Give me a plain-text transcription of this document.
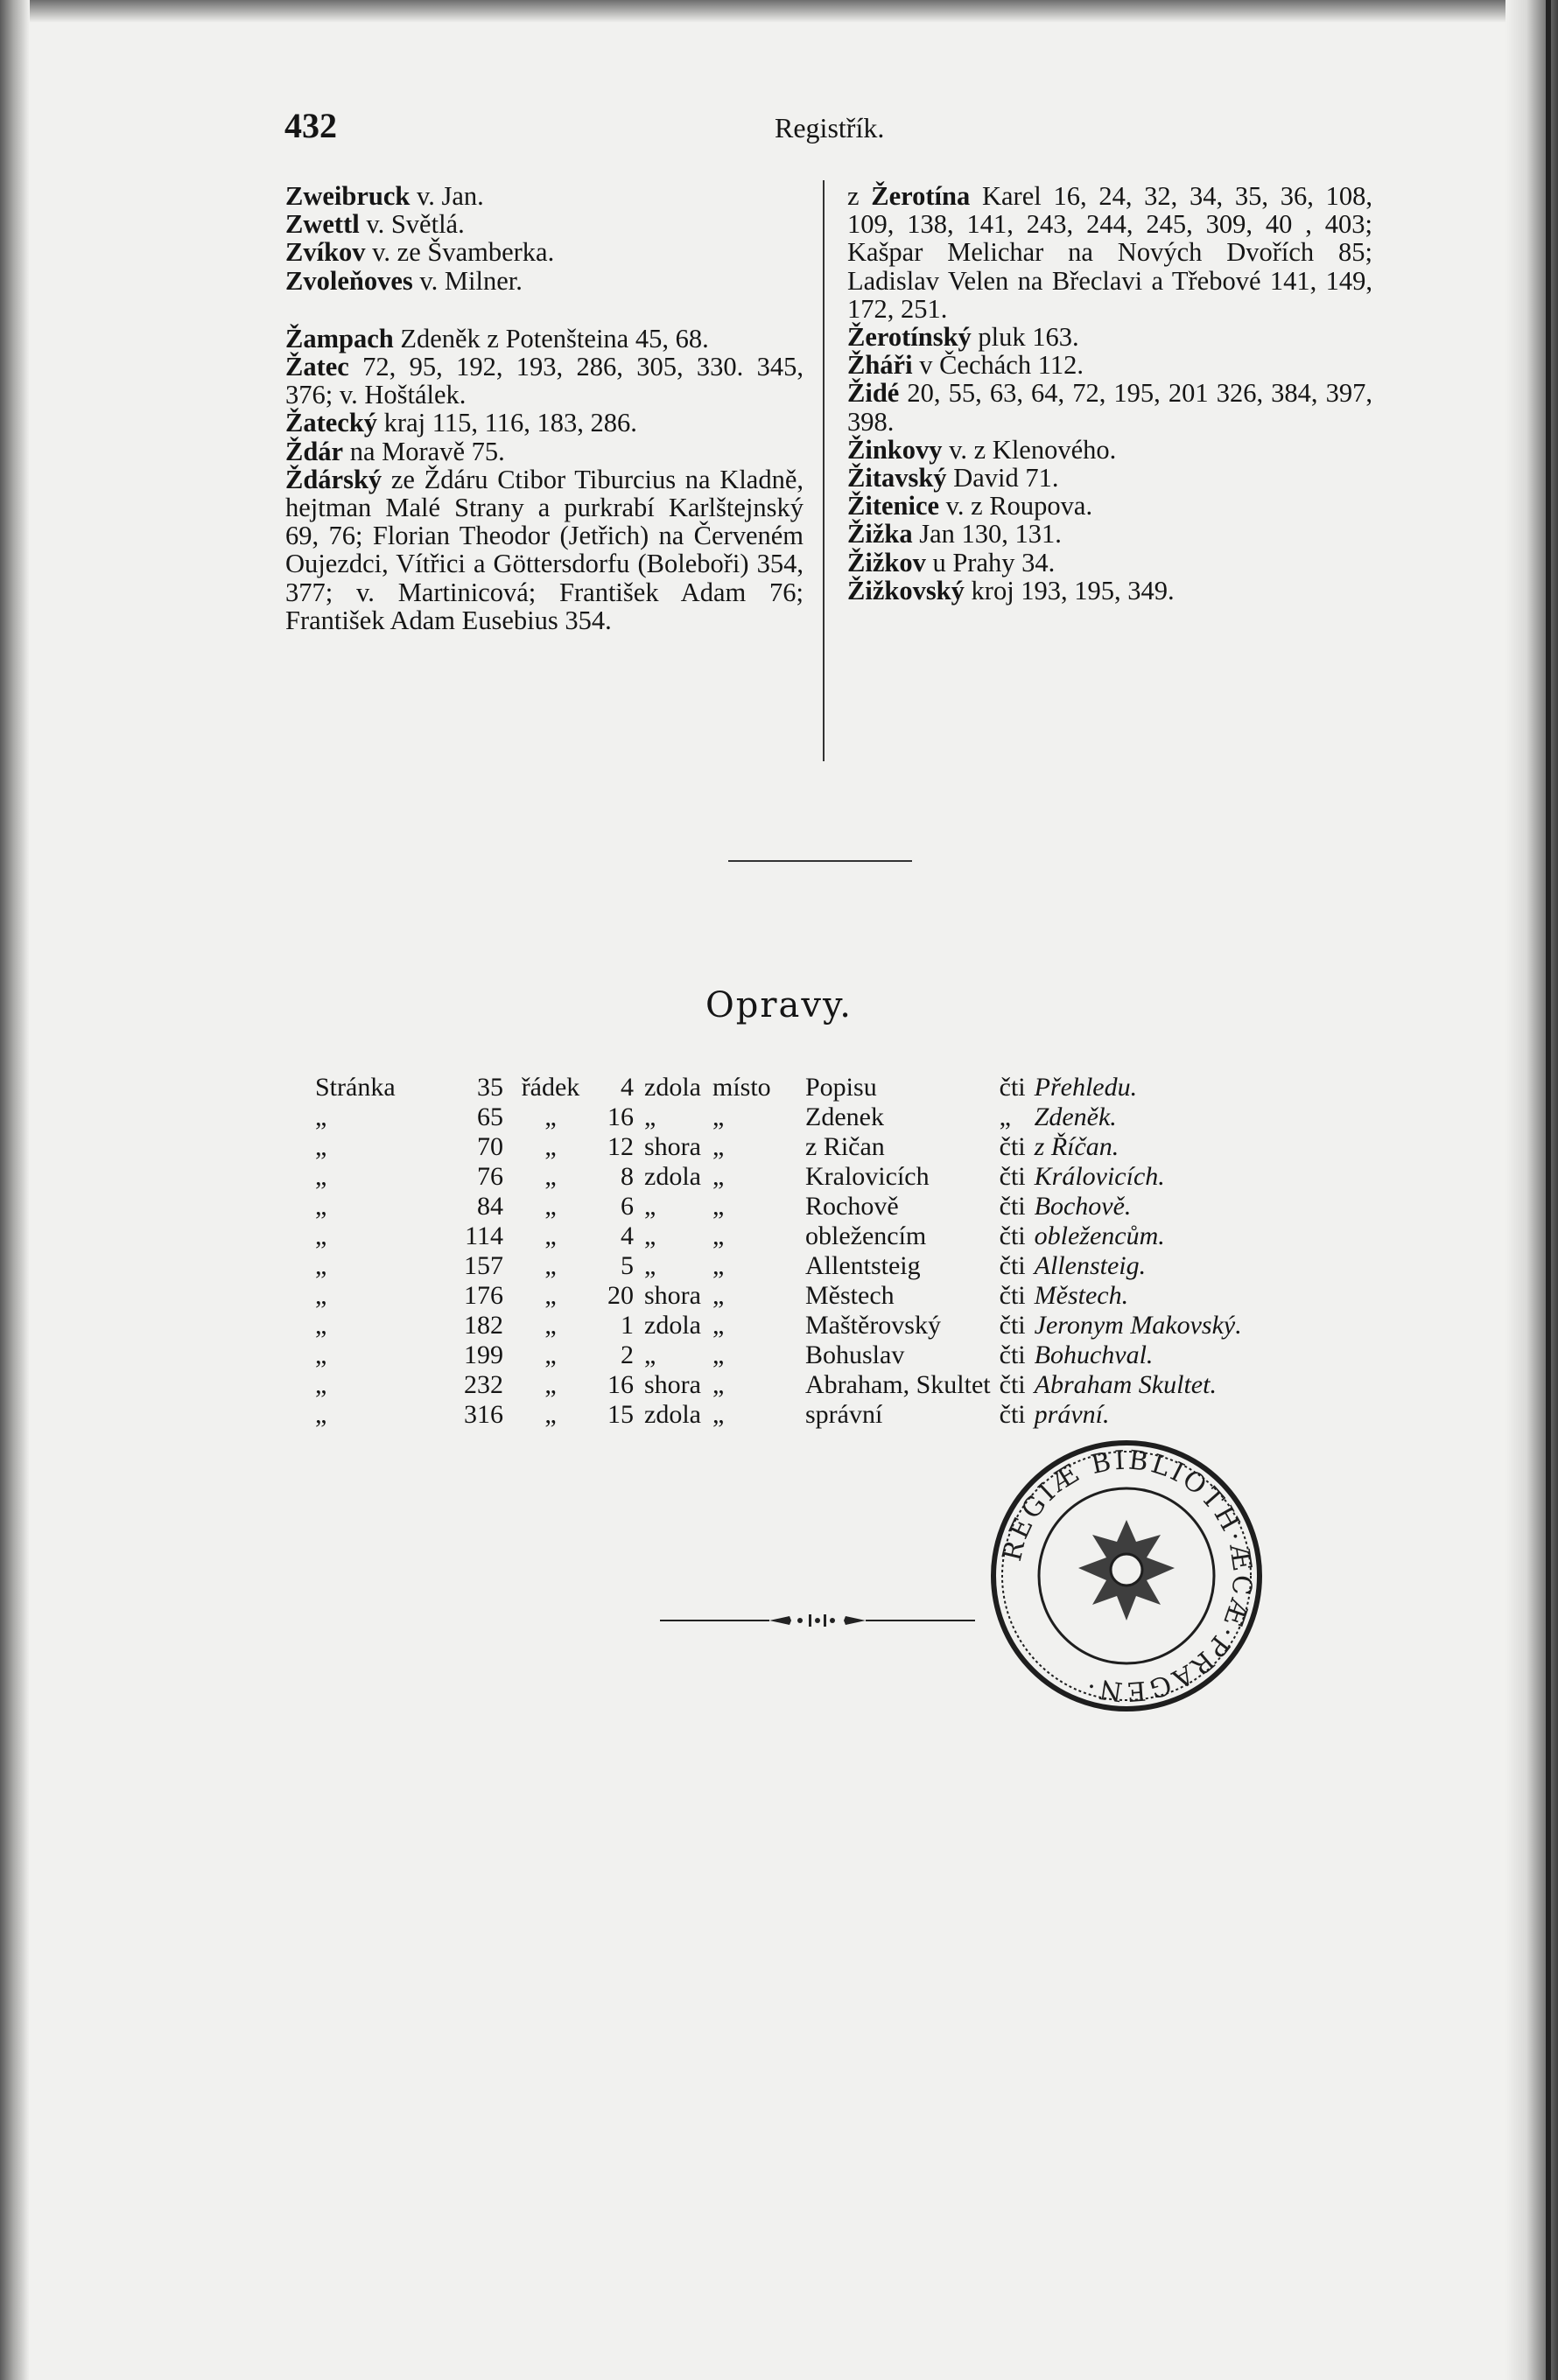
432	Registřík.

Zweibruck v. Jan.

Zwettl v. Světlá.

Zvíkov v. ze Švamberka.

Zvoleňoves v. Milner.

Žampach Zdeněk z Potenšteina 45, 68.

Žatec 72, 95, 192, 193, 286, 305, 330. 345, 376; v. Hoštálek.

Žatecký kraj 115, 116, 183, 286.

Ždár na Moravě 75.

Ždárský ze Ždáru Ctibor Tiburcius na Kladně, hejtman Malé Strany a purkrabí Karlštejnský 69, 76; Florian Theodor (Jetřich) na Červeném Oujezdci, Vítřici a Göttersdorfu (Boleboři) 354, 377; v. Martinicová; František Adam 76; František Adam Eusebius 354.

z Žerotína Karel 16, 24, 32, 34, 35, 36, 108, 109, 138, 141, 243, 244, 245, 309, 40 , 403; Kašpar Melichar na Nových Dvořích 85; Ladislav Velen na Břeclavi a Třebové 141, 149, 172, 251.

Žerotínský pluk 163.

Žháři v Čechách 112.

Židé 20, 55, 63, 64, 72, 195, 201 326, 384, 397, 398.

Žinkovy v. z Klenového.

Žitavský David 71.

Žitenice v. z Roupova.

Žižka Jan 130, 131.

Žižkov u Prahy 34.

Žižkovský kroj 193, 195, 349.

Opravy.
Stránka	35	řádek	4	zdola	místo	Popisu	čti	Přehledu.
„	65	„	16	„	„	Zdenek	„	Zdeněk.
„	70	„	12	shora	„	z Ričan	čti	z Říčan.
„	76	„	8	zdola	„	Kralovicích	čti	Královicích.
„	84	„	6	„	„	Rochově	čti	Bochově.
„	114	„	4	„	„	obležencím	čti	obležencům.
„	157	„	5	„	„	Allentsteig	čti	Allensteig.
„	176	„	20	shora	„	Městech	čti	Městech.
„	182	„	1	zdola	„	Maštěrovský	čti	Jeronym Makovský.
„	199	„	2	„	„	Bohuslav	čti	Bohuchval.
„	232	„	16	shora	„	Abraham, Skultet	čti	Abraham Skultet.
„	316	„	15	zdola	„	správní	čti	právní.
REGIÆ BIBLIOTH·ÆCÆ·PRAGEN·
